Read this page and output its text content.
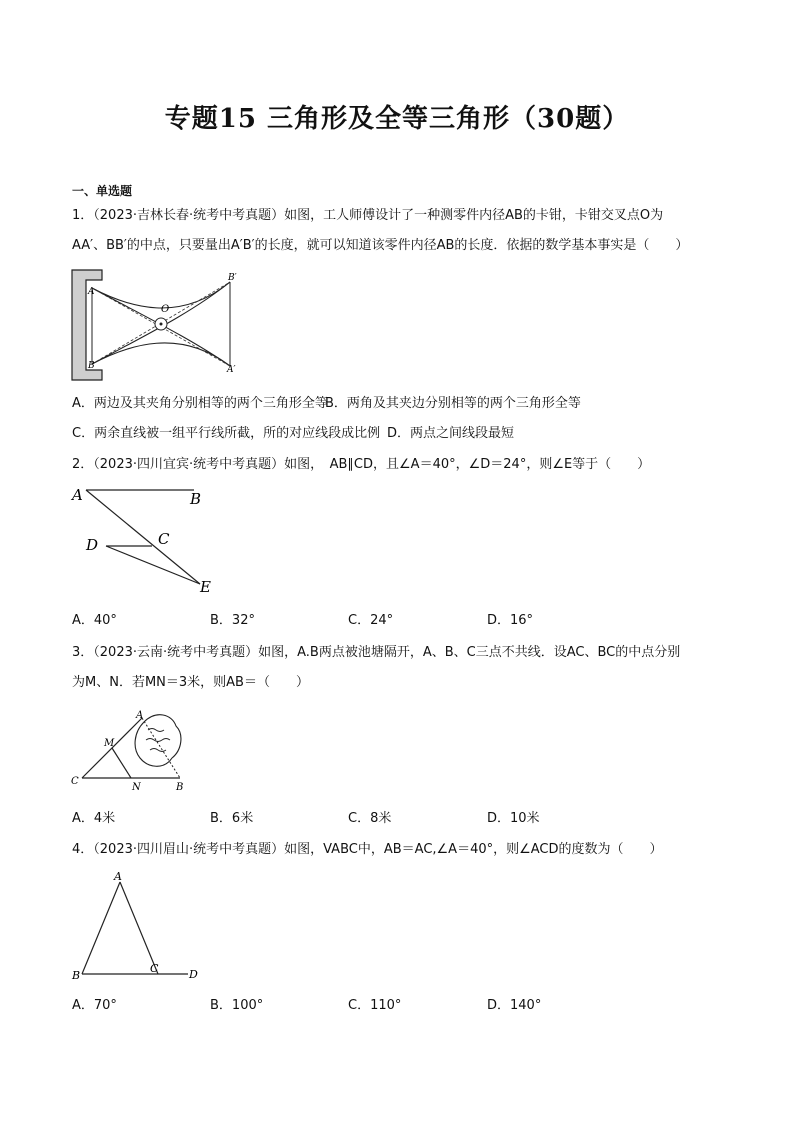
专题15 三角形及全等三角形（30题）
一、单选题
1．（2023·吉林长春·统考中考真题）如图，工人师傅设计了一种测零件内径AB的卡钳，卡钳交叉点O为
AA′、BB′的中点，只要量出A′B′的长度，就可以知道该零件内径AB的长度．依据的数学基本事实是（　　）
A
B
O
B′
A′
A．两边及其夹角分别相等的两个三角形全等
B．两角及其夹边分别相等的两个三角形全等
C．两余直线被一组平行线所截，所的对应线段成比例 D．两点之间线段最短
2．（2023·四川宜宾·统考中考真题）如图，　AB∥CD，且∠A＝40°，∠D＝24°，则∠E等于（　　）
A	B
C
D
E
A．40°	B．32°	C．24°	D．16°
3．（2023·云南·统考中考真题）如图，A.B两点被池塘隔开，A、B、C三点不共线．设AC、BC的中点分别
为M、N．若MN＝3米，则AB＝（　　）
A
M
C
N	B
A．4米	B．6米	C．8米	D．10米
4．（2023·四川眉山·统考中考真题）如图，VABC中，AB＝AC,∠A＝40°，则∠ACD的度数为（　　）
A
B
C	D
A．70°	B．100°	C．110°	D．140°
